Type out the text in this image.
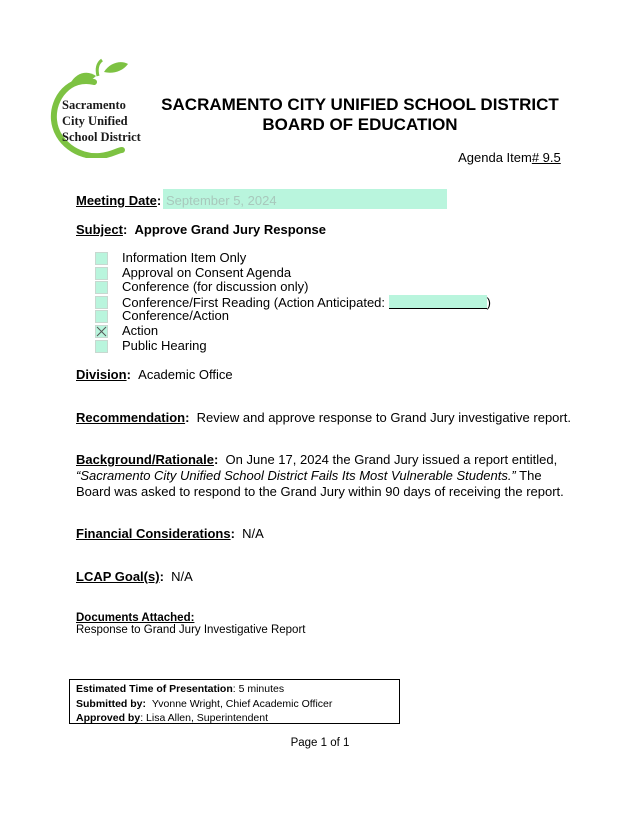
Sacramento
City Unified
School District
SACRAMENTO CITY UNIFIED SCHOOL DISTRICT
BOARD OF EDUCATION
Agenda Item# 9.5
Meeting Date: September 5, 2024
Subject:  Approve Grand Jury Response
Information Item Only
Approval on Consent Agenda
Conference (for discussion only)
Conference/First Reading (Action Anticipated:	)
Conference/Action
Action
Public Hearing
Division: Academic Office
Recommendation: Review and approve response to Grand Jury investigative report.
Background/Rationale: On June 17, 2024 the Grand Jury issued a report entitled, “Sacramento City Unified School District Fails Its Most Vulnerable Students.” The Board was asked to respond to the Grand Jury within 90 days of receiving the report.
Financial Considerations: N/A
LCAP Goal(s): N/A
Documents Attached:
Response to Grand Jury Investigative Report
Estimated Time of Presentation: 5 minutes
Submitted by: Yvonne Wright, Chief Academic Officer
Approved by: Lisa Allen, Superintendent
Page 1 of 1
